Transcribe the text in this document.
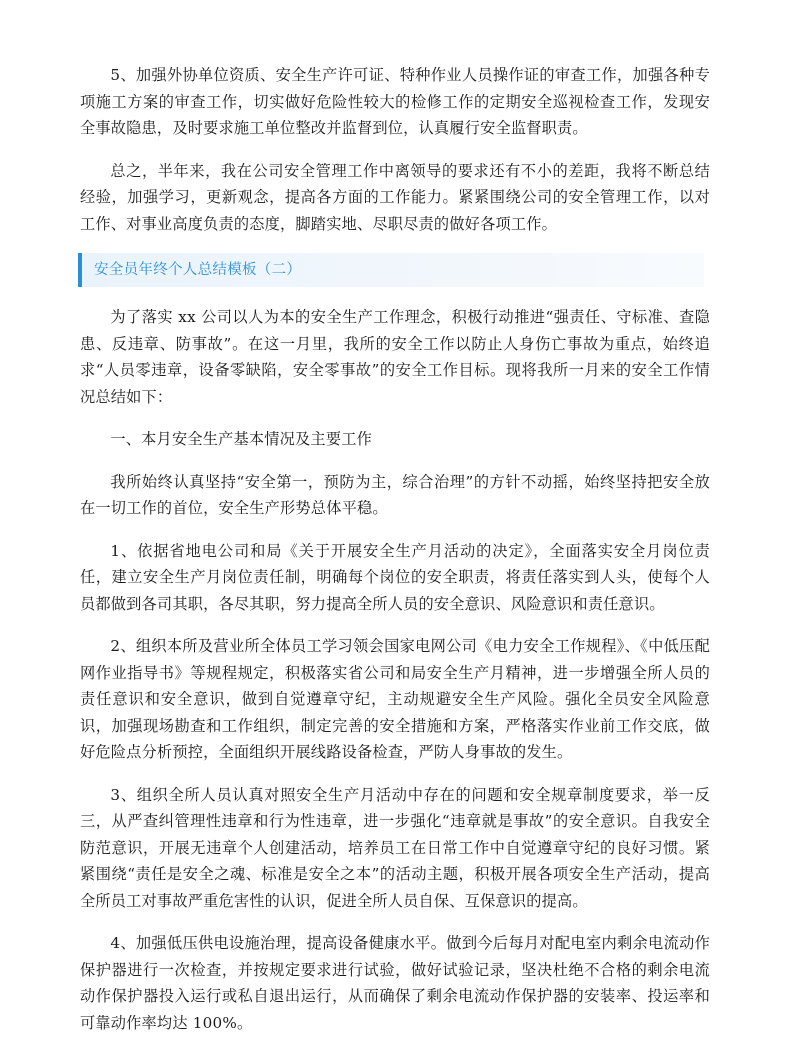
5、加强外协单位资质、安全生产许可证、特种作业人员操作证的审查工作，加强各种专项施工方案的审查工作，切实做好危险性较大的检修工作的定期安全巡视检查工作，发现安全事故隐患，及时要求施工单位整改并监督到位，认真履行安全监督职责。

总之，半年来，我在公司安全管理工作中离领导的要求还有不小的差距，我将不断总结经验，加强学习，更新观念，提高各方面的工作能力。紧紧围绕公司的安全管理工作，以对工作、对事业高度负责的态度，脚踏实地、尽职尽责的做好各项工作。

安全员年终个人总结模板（二）

为了落实 xx 公司以人为本的安全生产工作理念，积极行动推进“强责任、守标准、查隐患、反违章、防事故”。在这一月里，我所的安全工作以防止人身伤亡事故为重点，始终追求“人员零违章，设备零缺陷，安全零事故”的安全工作目标。现将我所一月来的安全工作情况总结如下：

一、本月安全生产基本情况及主要工作

我所始终认真坚持“安全第一，预防为主，综合治理”的方针不动摇，始终坚持把安全放在一切工作的首位，安全生产形势总体平稳。

1、依据省地电公司和局《关于开展安全生产月活动的决定》，全面落实安全月岗位责任，建立安全生产月岗位责任制，明确每个岗位的安全职责，将责任落实到人头，使每个人员都做到各司其职，各尽其职，努力提高全所人员的安全意识、风险意识和责任意识。

2、组织本所及营业所全体员工学习领会国家电网公司《电力安全工作规程》、《中低压配网作业指导书》等规程规定，积极落实省公司和局安全生产月精神，进一步增强全所人员的责任意识和安全意识，做到自觉遵章守纪，主动规避安全生产风险。强化全员安全风险意识，加强现场勘查和工作组织，制定完善的安全措施和方案，严格落实作业前工作交底，做好危险点分析预控，全面组织开展线路设备检查，严防人身事故的发生。

3、组织全所人员认真对照安全生产月活动中存在的问题和安全规章制度要求，举一反三，从严查纠管理性违章和行为性违章，进一步强化“违章就是事故”的安全意识。自我安全防范意识，开展无违章个人创建活动，培养员工在日常工作中自觉遵章守纪的良好习惯。紧紧围绕“责任是安全之魂、标准是安全之本”的活动主题，积极开展各项安全生产活动，提高全所员工对事故严重危害性的认识，促进全所人员自保、互保意识的提高。

4、加强低压供电设施治理，提高设备健康水平。做到今后每月对配电室内剩余电流动作保护器进行一次检查，并按规定要求进行试验，做好试验记录，坚决杜绝不合格的剩余电流动作保护器投入运行或私自退出运行，从而确保了剩余电流动作保护器的安装率、投运率和可靠动作率均达 100%。
